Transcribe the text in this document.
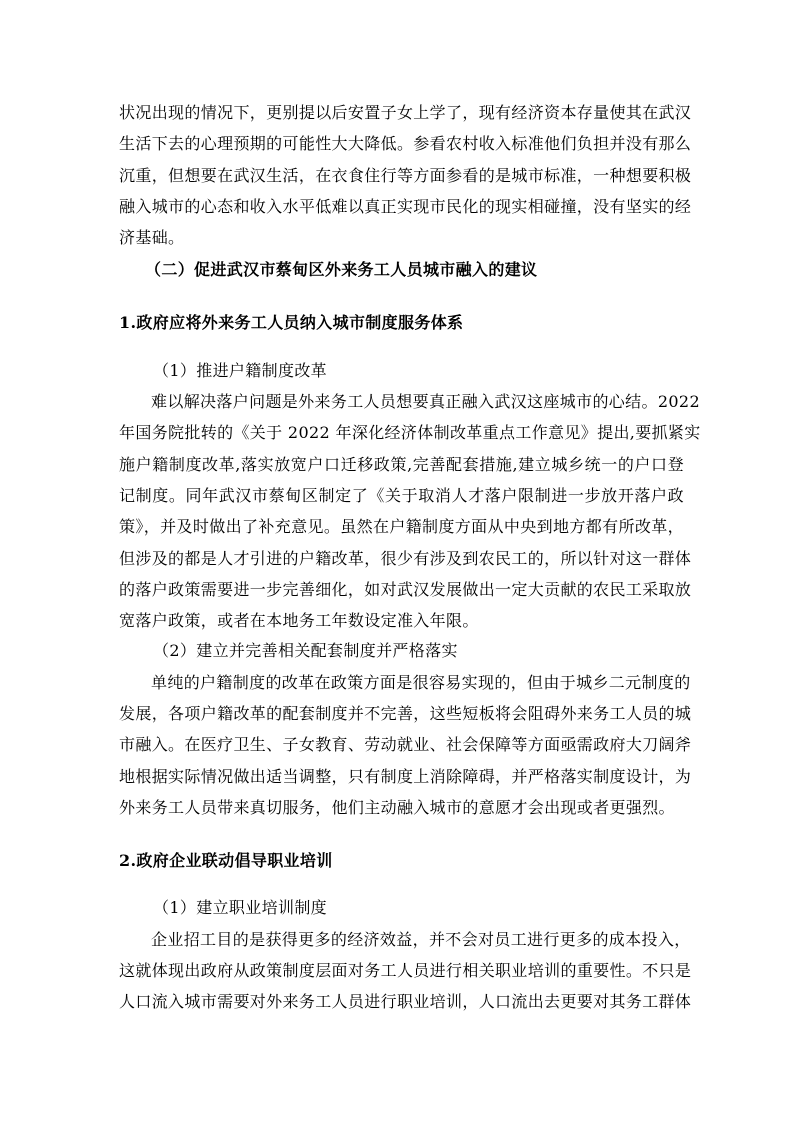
状况出现的情况下，更别提以后安置子女上学了，现有经济资本存量使其在武汉
生活下去的心理预期的可能性大大降低。参看农村收入标准他们负担并没有那么
沉重，但想要在武汉生活，在衣食住行等方面参看的是城市标准，一种想要积极
融入城市的心态和收入水平低难以真正实现市民化的现实相碰撞，没有坚实的经
济基础。
（二）促进武汉市蔡甸区外来务工人员城市融入的建议
1.政府应将外来务工人员纳入城市制度服务体系
（1）推进户籍制度改革
难以解决落户问题是外来务工人员想要真正融入武汉这座城市的心结。2022
年国务院批转的《关于 2022 年深化经济体制改革重点工作意见》提出,要抓紧实
施户籍制度改革,落实放宽户口迁移政策,完善配套措施,建立城乡统一的户口登
记制度。同年武汉市蔡甸区制定了《关于取消人才落户限制进一步放开落户政
策》，并及时做出了补充意见。虽然在户籍制度方面从中央到地方都有所改革，
但涉及的都是人才引进的户籍改革，很少有涉及到农民工的，所以针对这一群体
的落户政策需要进一步完善细化，如对武汉发展做出一定大贡献的农民工采取放
宽落户政策，或者在本地务工年数设定准入年限。
（2）建立并完善相关配套制度并严格落实
单纯的户籍制度的改革在政策方面是很容易实现的，但由于城乡二元制度的
发展，各项户籍改革的配套制度并不完善，这些短板将会阻碍外来务工人员的城
市融入。在医疗卫生、子女教育、劳动就业、社会保障等方面亟需政府大刀阔斧
地根据实际情况做出适当调整，只有制度上消除障碍，并严格落实制度设计，为
外来务工人员带来真切服务，他们主动融入城市的意愿才会出现或者更强烈。
2.政府企业联动倡导职业培训
（1）建立职业培训制度
企业招工目的是获得更多的经济效益，并不会对员工进行更多的成本投入，
这就体现出政府从政策制度层面对务工人员进行相关职业培训的重要性。不只是
人口流入城市需要对外来务工人员进行职业培训，人口流出去更要对其务工群体
